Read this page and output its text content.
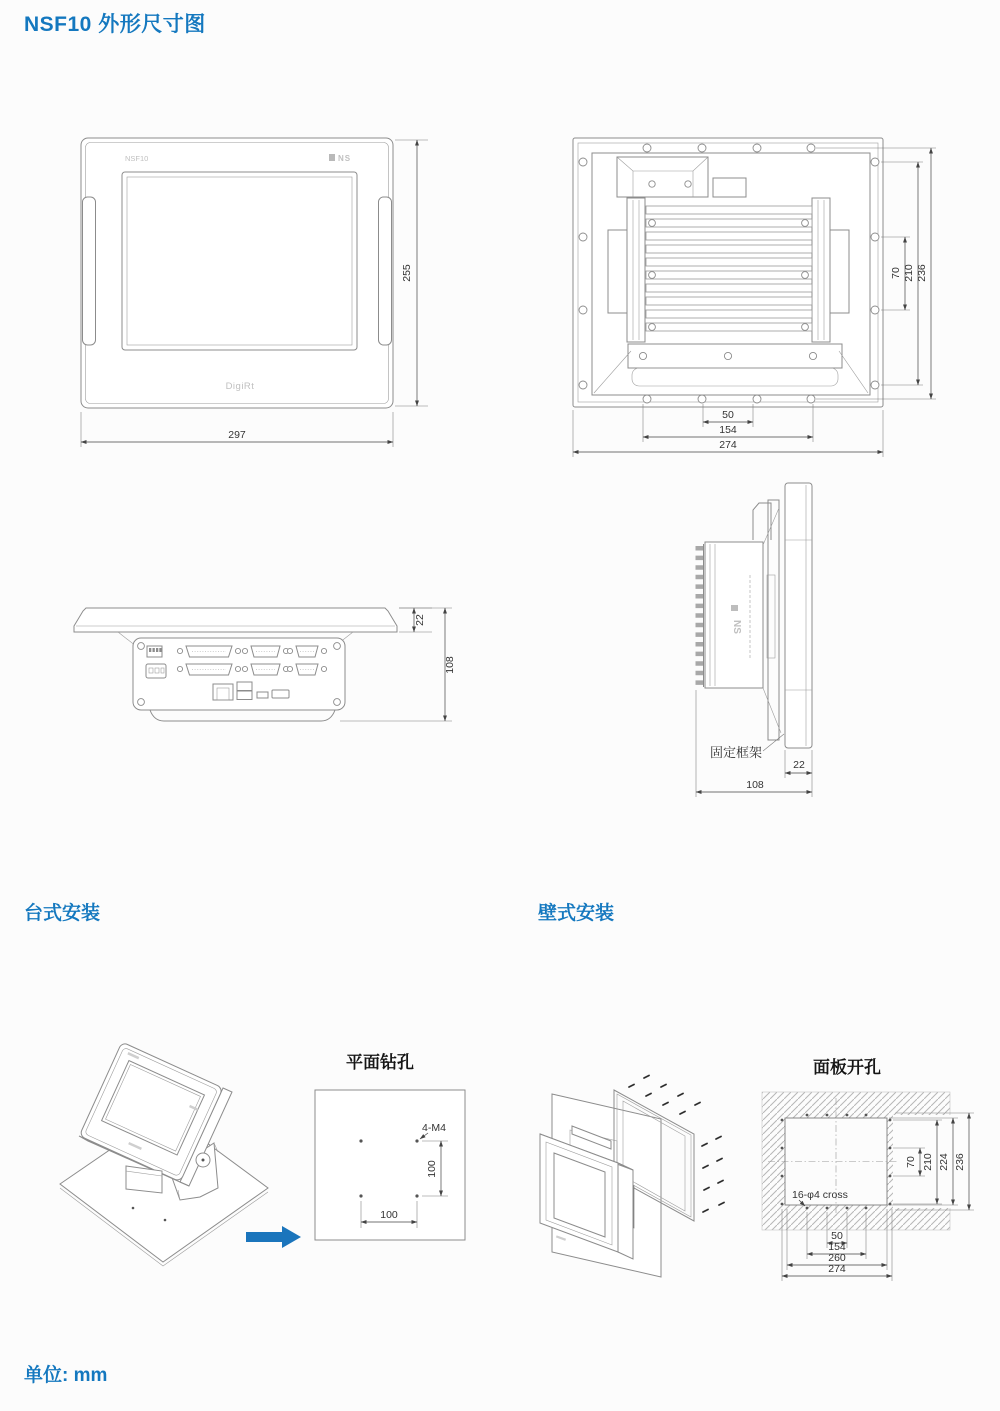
NSF10 外形尺寸图
台式安装	壁式安装
平面钻孔	面板开孔
单位: mm
NSF10	NS
DigiRt
255
297
70 210 236
50
154
274
22
108
NS
固定框架
22
108
4-M4
100
100
16-φ4 cross
70 210 224 236
50
154
260
274
